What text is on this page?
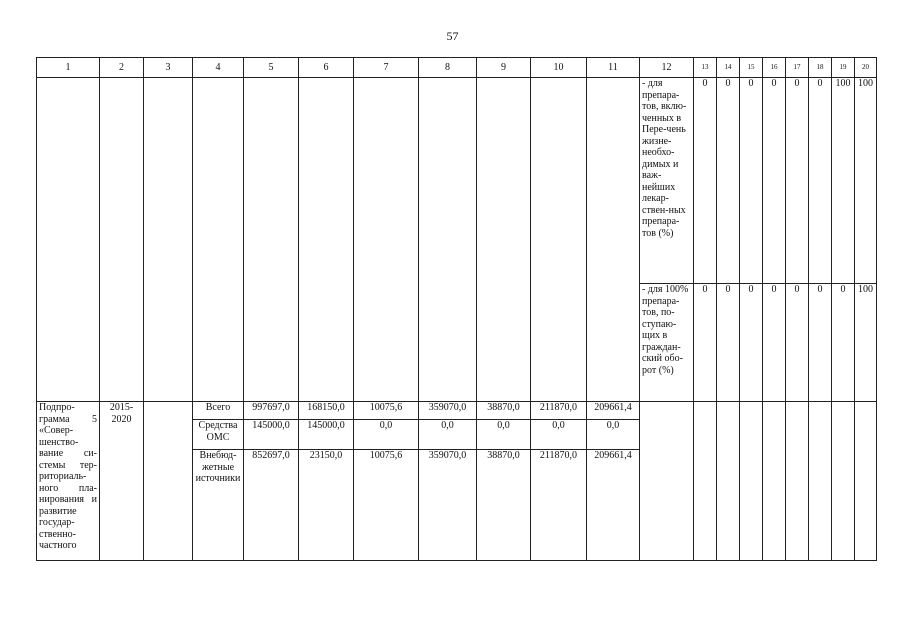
57
1	2	3	4	5	6	7	8	9	10	11	12	13	14	15	16	17	18	19	20
											- для препара-тов, вклю-ченных в Пере-чень жизне-необхо-димых и важ-нейших лекар-ствен-ных препара-тов (%)	0	0	0	0	0	0	100	100
											- для 100% препара-тов, по-ступаю-щих в граждан-ский обо-рот (%)	0	0	0	0	0	0	0	100
Подпро-грамма 5 «Совер-шенство-вание си-стемы тер-риториаль-ного пла-нирования и развитие государ-ственно-частного	2015-2020		Всего	997697,0	168150,0	10075,6	359070,0	38870,0	211870,0	209661,4									
			Средства ОМС	145000,0	145000,0	0,0	0,0	0,0	0,0	0,0									
			Внебюд-жетные источники	852697,0	23150,0	10075,6	359070,0	38870,0	211870,0	209661,4									
